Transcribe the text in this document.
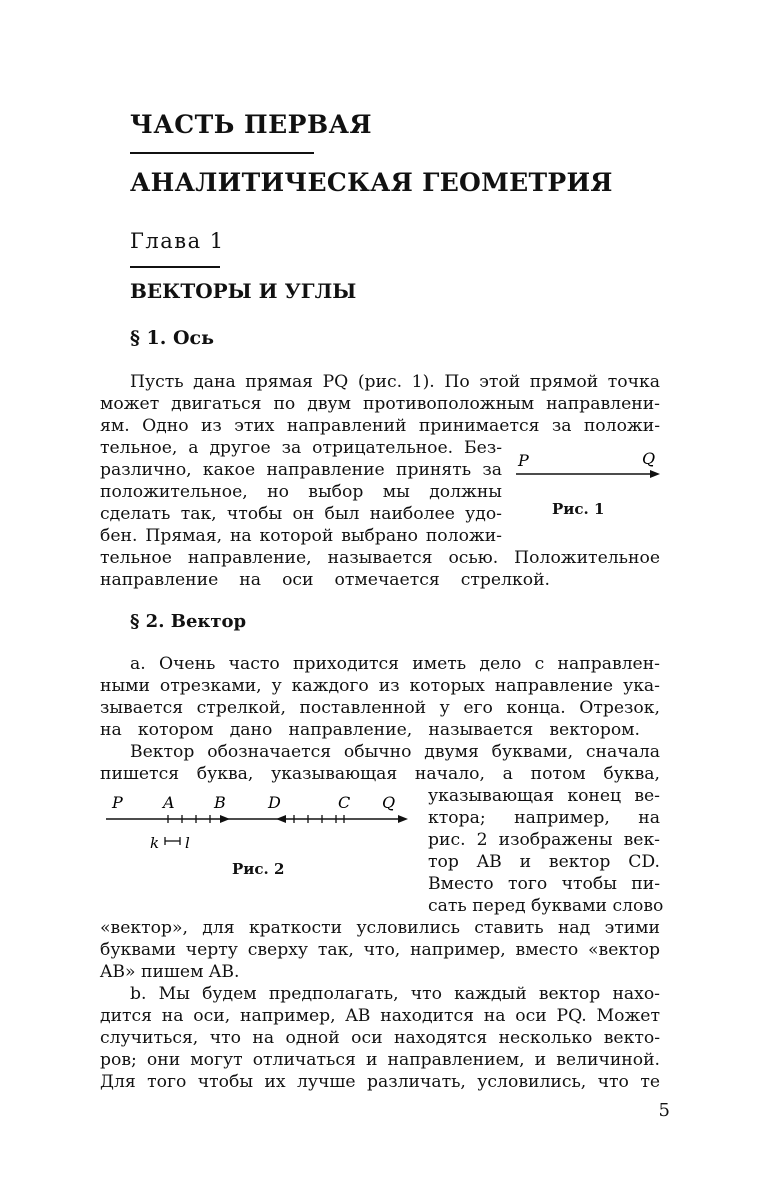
ЧАСТЬ ПЕРВАЯ
АНАЛИТИЧЕСКАЯ ГЕОМЕТРИЯ
Глава 1
ВЕКТОРЫ И УГЛЫ
§ 1. Ось
Пусть дана прямая PQ (рис. 1). По этой прямой точка
может двигаться по двум противоположным направлени-
ям. Одно из этих направлений принимается за положи-
тельное, а другое за отрицательное. Без-
различно, какое направление принять за
положительное, но выбор мы должны
сделать так, чтобы он был наиболее удо-
бен. Прямая, на которой выбрано положи-
тельное направление, называется осью. Положительное
направление на оси отмечается стрелкой.
P	Q
Рис. 1
§ 2. Вектор
а. Очень часто приходится иметь дело с направлен-
ными отрезками, у каждого из которых направление ука-
зывается стрелкой, поставленной у его конца. Отрезок,
на котором дано направление, называется вектором.
Вектор обозначается обычно двумя буквами, сначала
пишется буква, указывающая начало, а потом буква,
указывающая конец ве-
ктора; например, на
рис. 2 изображены век-
тор AB и вектор CD.
Вместо того чтобы пи-
сать перед буквами слово
«вектор», для краткости условились ставить над этими
буквами черту сверху так, что, например, вместо «вектор
AB» пишем AB.
b. Мы будем предполагать, что каждый вектор нахо-
дится на оси, например, AB находится на оси PQ. Может
случиться, что на одной оси находятся несколько векто-
ров; они могут отличаться и направлением, и величиной.
Для того чтобы их лучше различать, условились, что те
P	A B	D	C Q
k l
Рис. 2
5
